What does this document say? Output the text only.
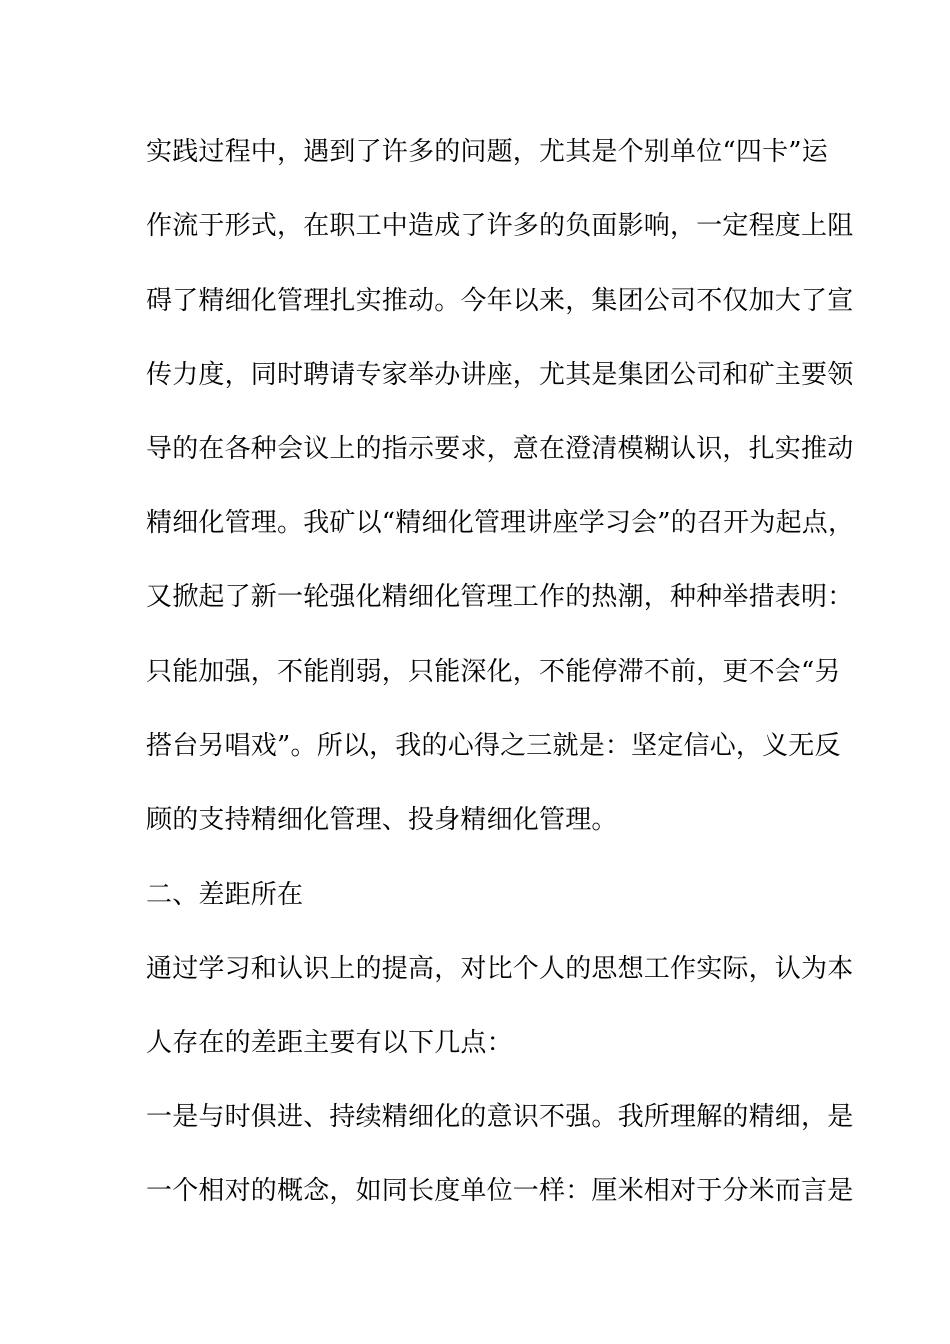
实践过程中，遇到了许多的问题，尤其是个别单位“四卡”运
作流于形式，在职工中造成了许多的负面影响，一定程度上阻
碍了精细化管理扎实推动。今年以来，集团公司不仅加大了宣
传力度，同时聘请专家举办讲座，尤其是集团公司和矿主要领
导的在各种会议上的指示要求，意在澄清模糊认识，扎实推动
精细化管理。我矿以“精细化管理讲座学习会”的召开为起点，
又掀起了新一轮强化精细化管理工作的热潮，种种举措表明：
只能加强，不能削弱，只能深化，不能停滞不前，更不会“另
搭台另唱戏”。所以，我的心得之三就是：坚定信心，义无反
顾的支持精细化管理、投身精细化管理。
二、差距所在
通过学习和认识上的提高，对比个人的思想工作实际，认为本
人存在的差距主要有以下几点：
一是与时俱进、持续精细化的意识不强。我所理解的精细，是
一个相对的概念，如同长度单位一样：厘米相对于分米而言是
